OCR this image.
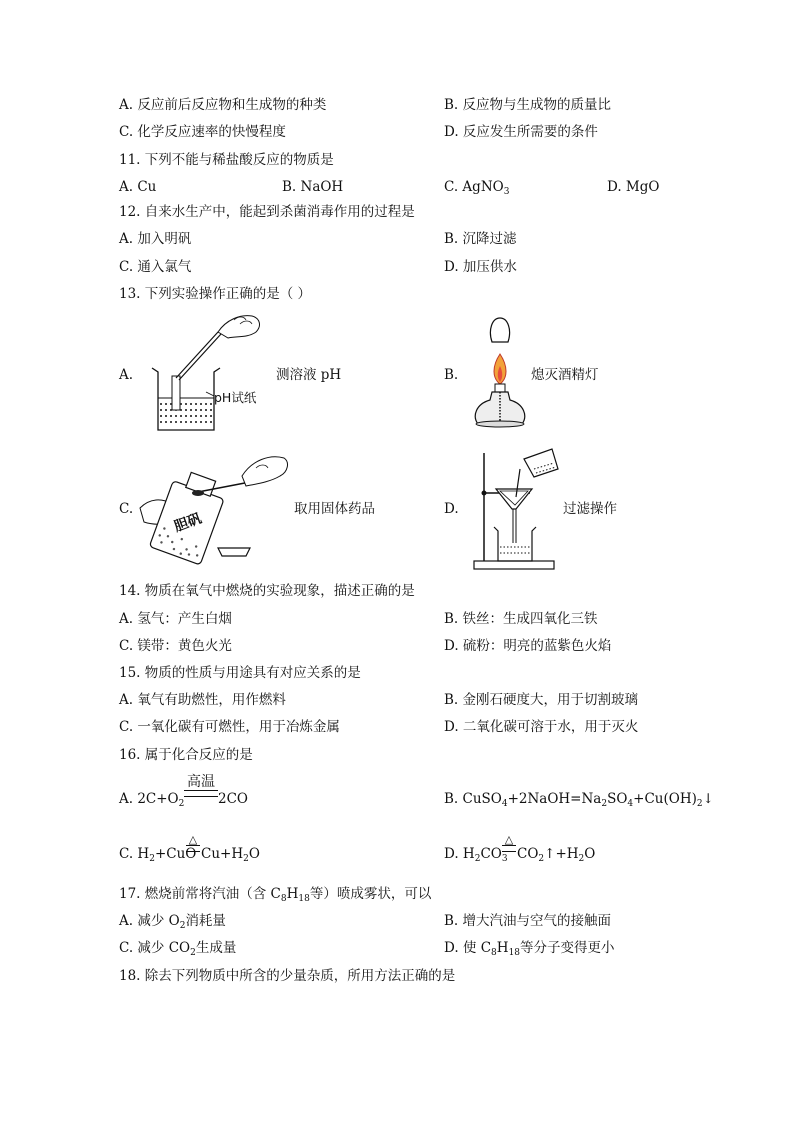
A. 反应前后反应物和生成物的种类	B. 反应物与生成物的质量比
C. 化学反应速率的快慢程度	D. 反应发生所需要的条件
11. 下列不能与稀盐酸反应的物质是
A. Cu	B. NaOH	C. AgNO$_3$	D. MgO
12. 自来水生产中，能起到杀菌消毒作用的过程是
A. 加入明矾	B. 沉降过滤
C. 通入氯气	D. 加压供水
13. 下列实验操作正确的是（ ）
A.
pH试纸
测溶液 pH	B.	熄灭酒精灯
C.
胆矾
取用固体药品	D.	过滤操作
14. 物质在氧气中燃烧的实验现象，描述正确的是
A. 氢气：产生白烟	B. 铁丝：生成四氧化三铁
C. 镁带：黄色火光	D. 硫粉：明亮的蓝紫色火焰
15. 物质的性质与用途具有对应关系的是
A. 氧气有助燃性，用作燃料	B. 金刚石硬度大，用于切割玻璃
C. 一氧化碳有可燃性，用于冶炼金属	D. 二氧化碳可溶于水，用于灭火
16. 属于化合反应的是
A. $2C+O_2$
高温
2CO	B. $CuSO_4+2NaOH=Na_2SO_4+Cu(OH)_2↓$
C. $H_2+CuO$
△
$Cu+H_2O$	D. $H_2CO_3$
△
$CO_2↑+H_2O$
17. 燃烧前常将汽油（含 $C_8H_{18}$等）喷成雾状，可以
A. 减少 $O_2$消耗量	B. 增大汽油与空气的接触面
C. 减少 $CO_2$生成量	D. 使 $C_8H_{18}$等分子变得更小
18. 除去下列物质中所含的少量杂质，所用方法正确的是
